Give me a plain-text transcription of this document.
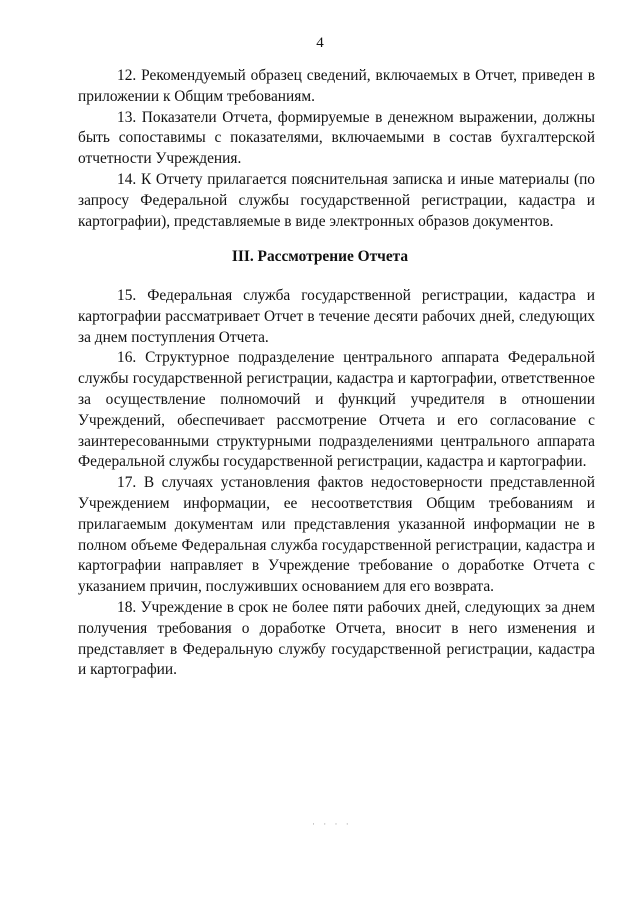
4

12. Рекомендуемый образец сведений, включаемых в Отчет, приведен в приложении к Общим требованиям.

13. Показатели Отчета, формируемые в денежном выражении, должны быть сопоставимы с показателями, включаемыми в состав бухгалтерской отчетности Учреждения.

14. К Отчету прилагается пояснительная записка и иные материалы (по запросу Федеральной службы государственной регистрации, кадастра и картографии), представляемые в виде электронных образов документов.

III. Рассмотрение Отчета

15. Федеральная служба государственной регистрации, кадастра и картографии рассматривает Отчет в течение десяти рабочих дней, следующих за днем поступления Отчета.

16. Структурное подразделение центрального аппарата Федеральной службы государственной регистрации, кадастра и картографии, ответственное за осуществление полномочий и функций учредителя в отношении Учреждений, обеспечивает рассмотрение Отчета и его согласование с заинтересованными структурными подразделениями центрального аппарата Федеральной службы государственной регистрации, кадастра и картографии.

17. В случаях установления фактов недостоверности представленной Учреждением информации, ее несоответствия Общим требованиям и прилагаемым документам или представления указанной информации не в полном объеме Федеральная служба государственной регистрации, кадастра и картографии направляет в Учреждение требование о доработке Отчета с указанием причин, послуживших основанием для его возврата.

18. Учреждение в срок не более пяти рабочих дней, следующих за днем получения требования о доработке Отчета, вносит в него изменения и представляет в Федеральную службу государственной регистрации, кадастра и картографии.

· · · ·
